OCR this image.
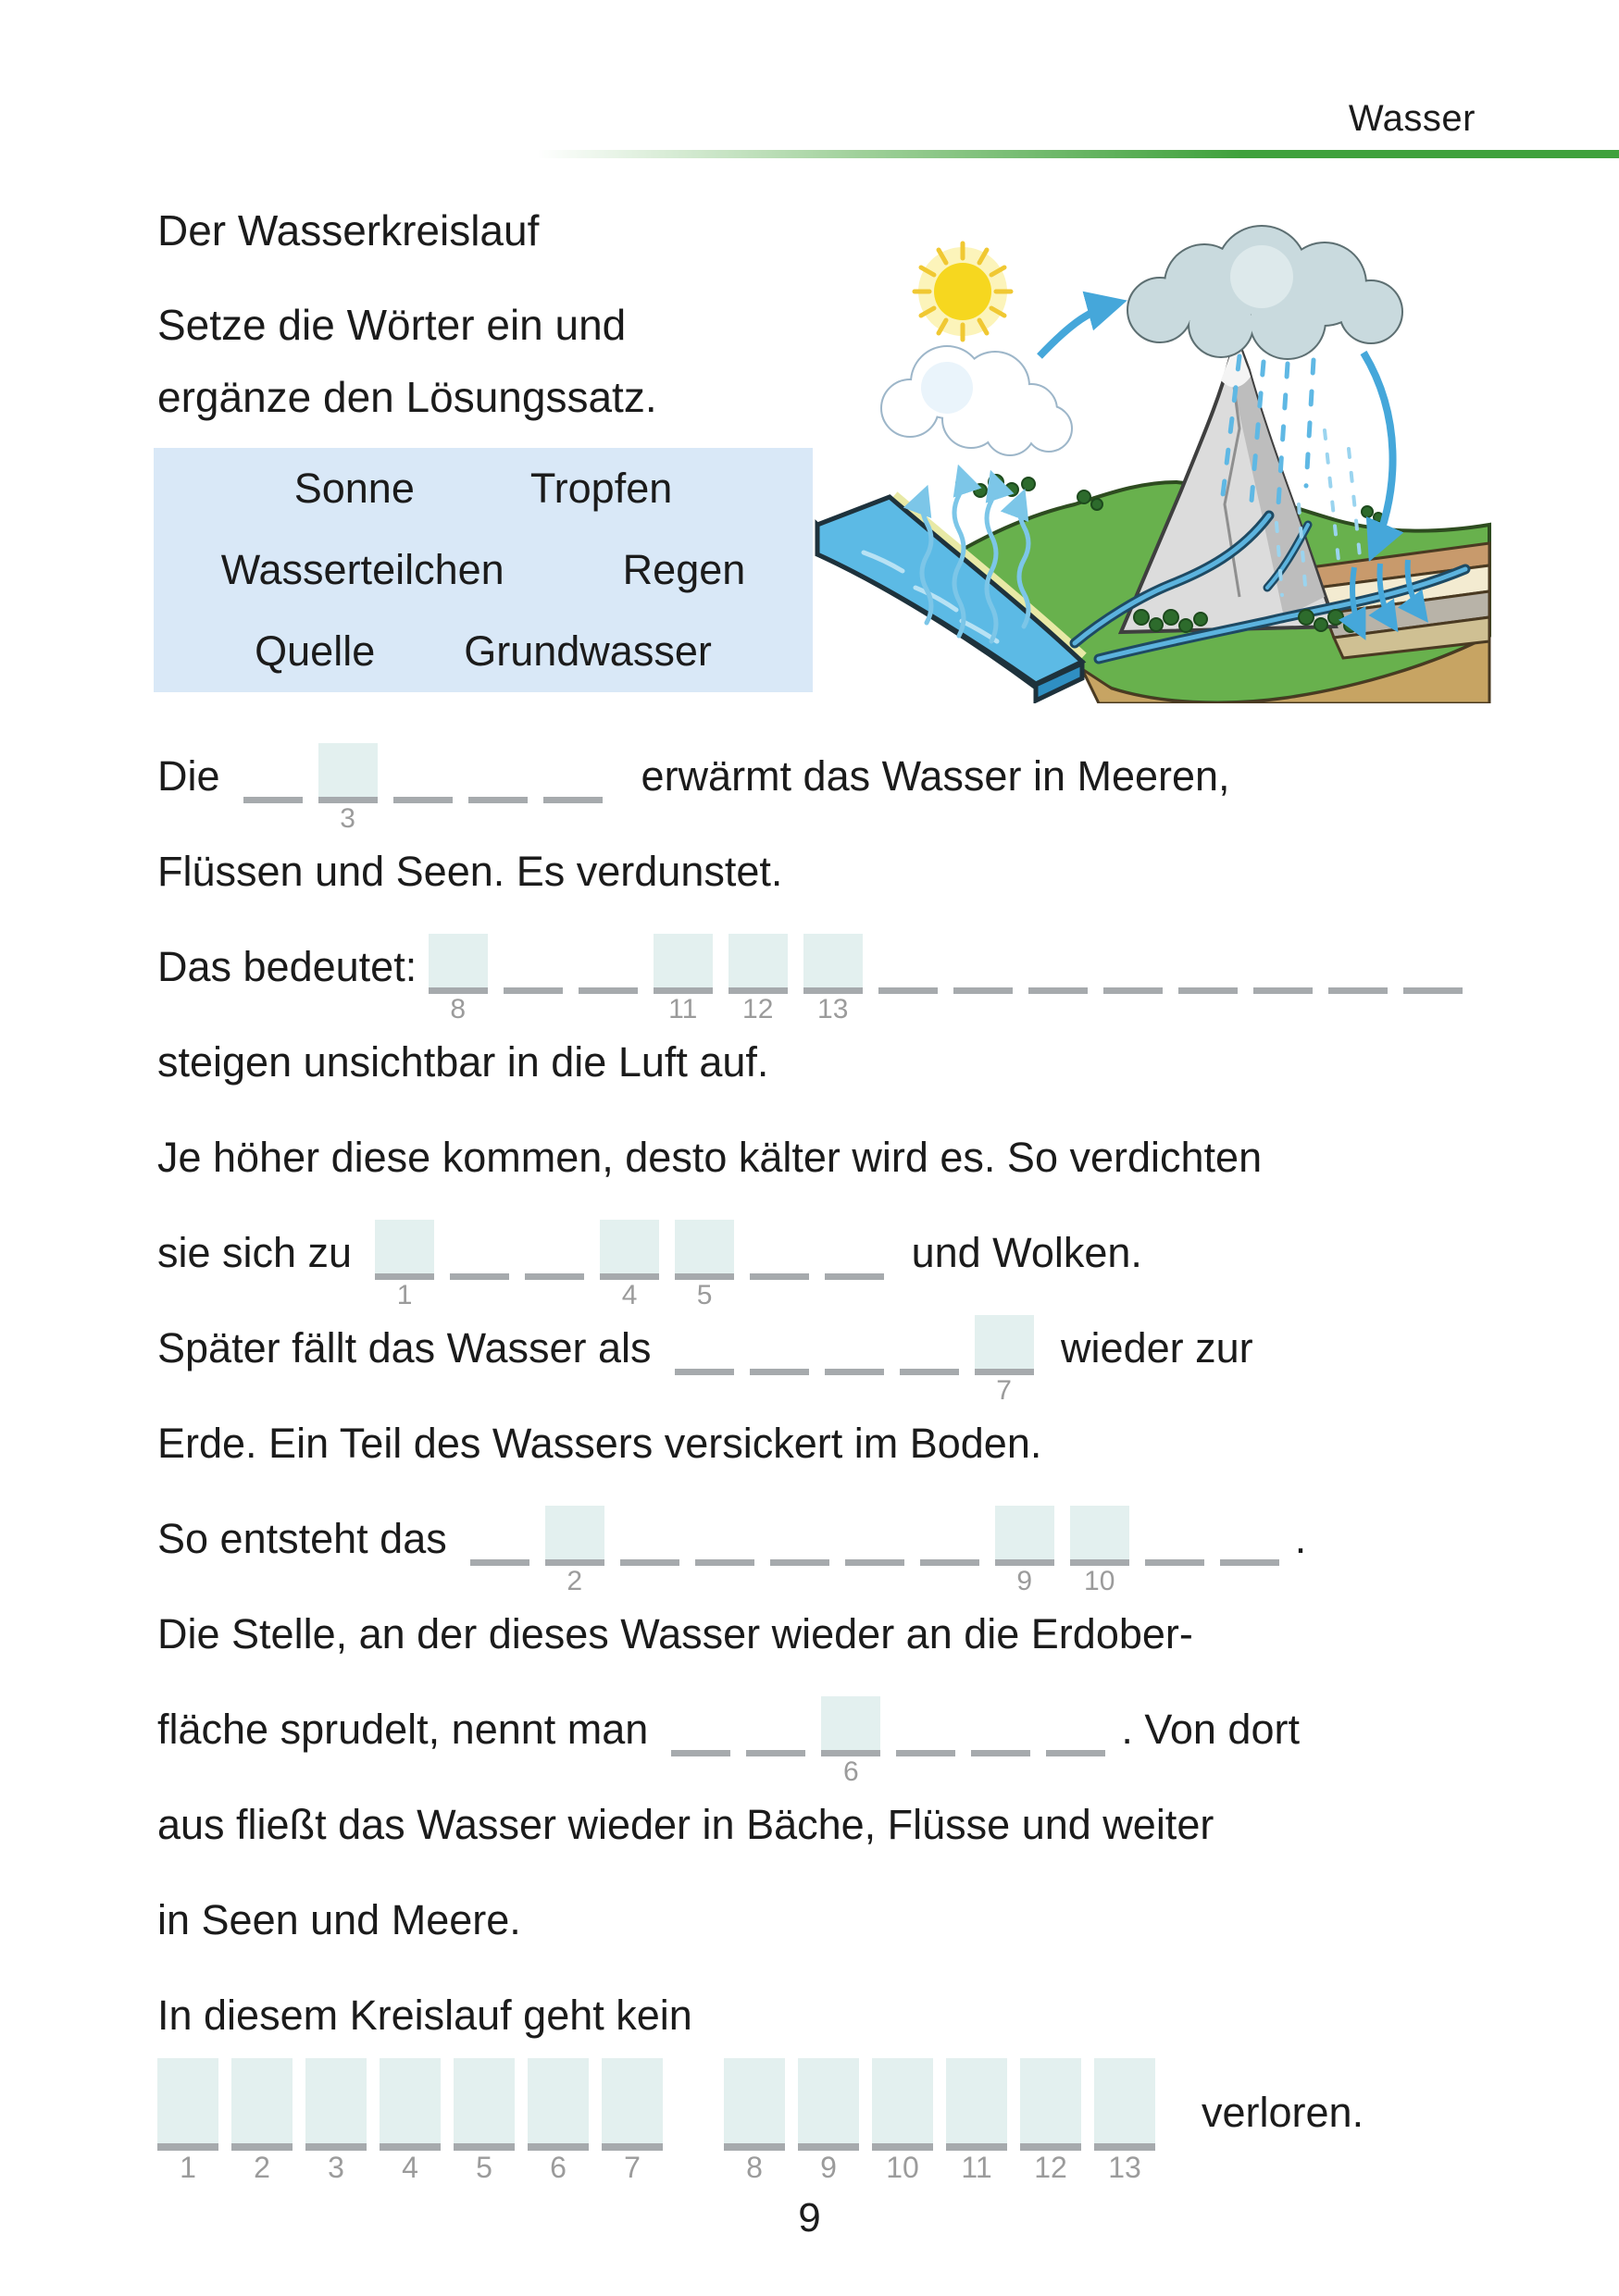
Wasser
Der Wasserkreislauf
Setze die Wörter ein und
ergänze den Lösungssatz.
Sonne	Tropfen
Wasserteilchen	Regen
Quelle Grundwasser
Die
3
erwärmt das Wasser in Meeren,
Flüssen und Seen. Es verdunstet.
Das bedeutet:
8	11 12 13
steigen unsichtbar in die Luft auf.
Je höher diese kommen, desto kälter wird es. So verdichten
sie sich zu
1	4 5
und Wolken.
Später fällt das Wasser als
7
wieder zur
Erde. Ein Teil des Wassers versickert im Boden.
So entsteht das
2	9 10
.
Die Stelle, an der dieses Wasser wieder an die Erdober-
fläche sprudelt, nennt man
6
. Von dort
aus fließt das Wasser wieder in Bäche, Flüsse und weiter
in Seen und Meere.
In diesem Kreislauf geht kein
1 2 3 4 5 6 7	8 9 10 11 12 13
verloren.
9
